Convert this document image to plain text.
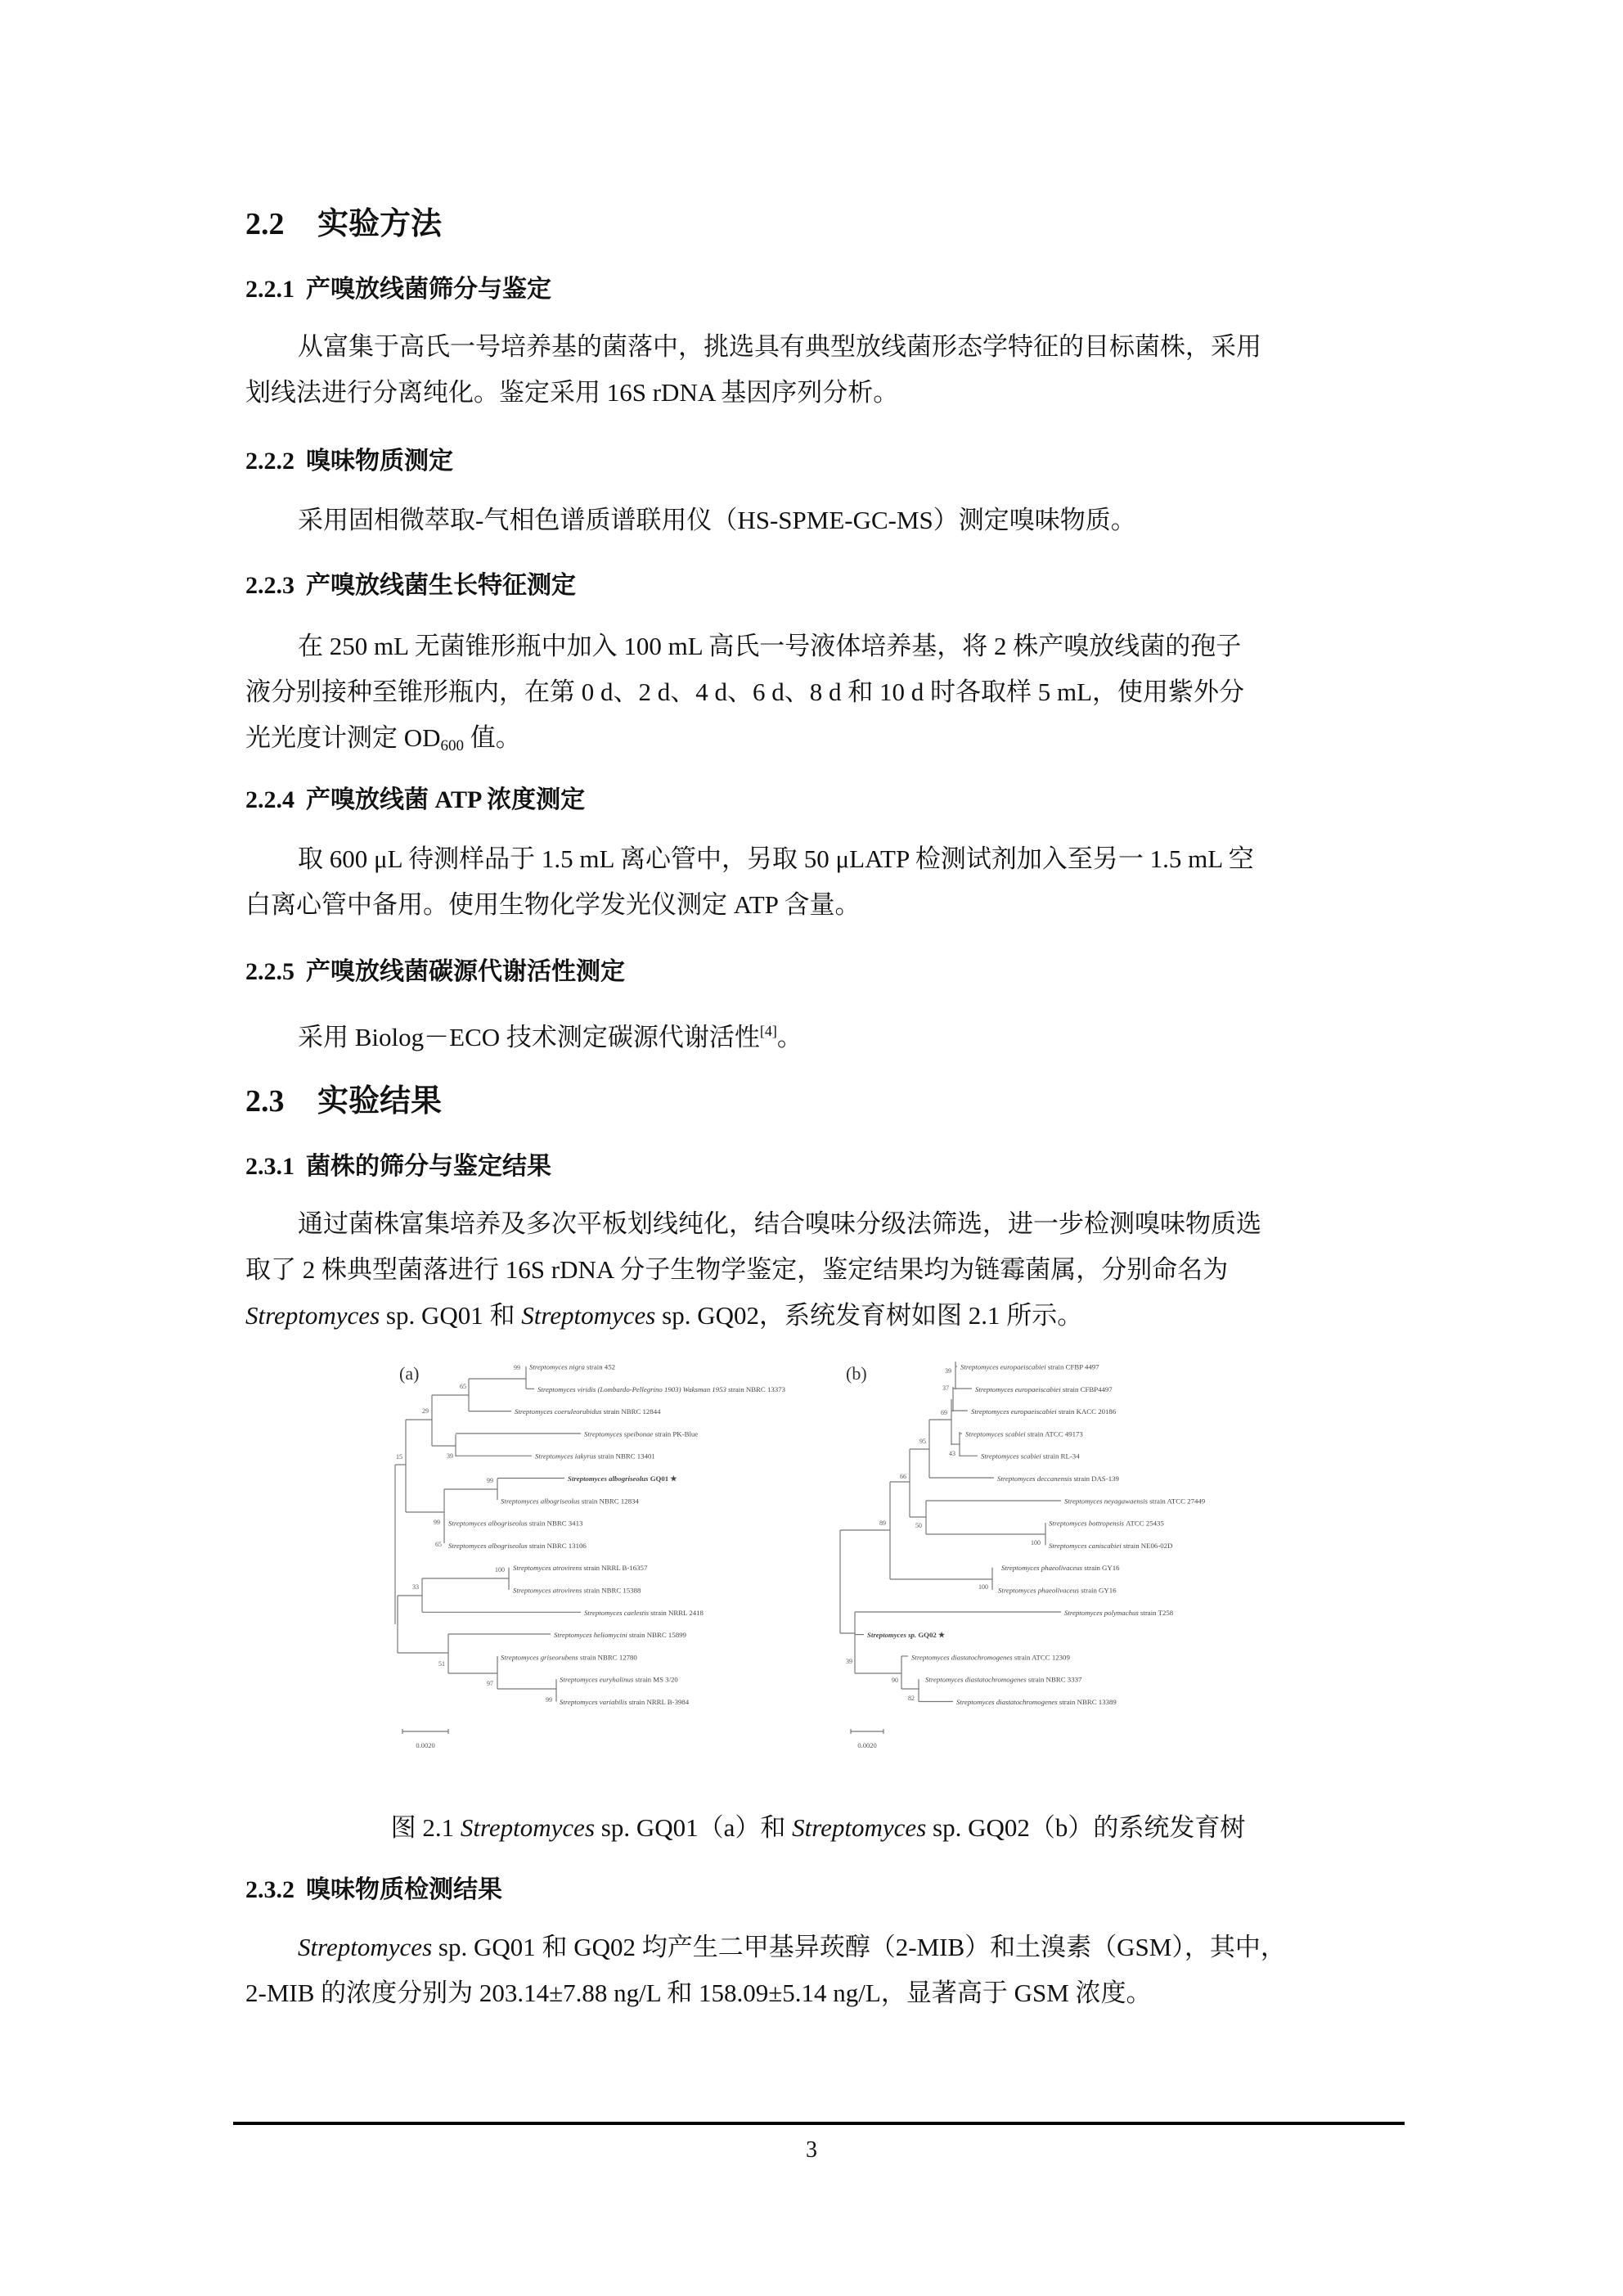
2.2 实验方法
2.2.1 产嗅放线菌筛分与鉴定
从富集于高氏一号培养基的菌落中，挑选具有典型放线菌形态学特征的目标菌株，采用
划线法进行分离纯化。鉴定采用 16S rDNA 基因序列分析。
2.2.2 嗅味物质测定
采用固相微萃取-气相色谱质谱联用仪（HS-SPME-GC-MS）测定嗅味物质。
2.2.3 产嗅放线菌生长特征测定
在 250 mL 无菌锥形瓶中加入 100 mL 高氏一号液体培养基，将 2 株产嗅放线菌的孢子
液分别接种至锥形瓶内，在第 0 d、2 d、4 d、6 d、8 d 和 10 d 时各取样 5 mL，使用紫外分
光光度计测定 $OD_{600}$ 值。
2.2.4 产嗅放线菌 ATP 浓度测定
取 600 μL 待测样品于 1.5 mL 离心管中，另取 50 μLATP 检测试剂加入至另一 1.5 mL 空
白离心管中备用。使用生物化学发光仪测定 ATP 含量。
2.2.5 产嗅放线菌碳源代谢活性测定
采用 Biolog－ECO 技术测定碳源代谢活性[4]。
2.3 实验结果
2.3.1 菌株的筛分与鉴定结果
通过菌株富集培养及多次平板划线纯化，结合嗅味分级法筛选，进一步检测嗅味物质选
取了 2 株典型菌落进行 16S rDNA 分子生物学鉴定，鉴定结果均为链霉菌属，分别命名为
Streptomyces sp. GQ01 和 Streptomyces sp. GQ02，系统发育树如图 2.1 所示。
(a)	Streptomyces nigra strain 452
Streptomyces viridis (Lombardo-Pellegrino 1903) Waksman 1953 strain NBRC 13373
Streptomyces coeruleorubidus strain NBRC 12844
Streptomyces speibonae strain PK-Blue
Streptomyces iakyrus strain NBRC 13401
Streptomyces albogriseolus GQ01 ★
Streptomyces albogriseolus strain NBRC 12834
Streptomyces albogriseolus strain NBRC 3413
Streptomyces albogriseolus strain NBRC 13106
Streptomyces atrovirens strain NRRL B-16357
Streptomyces atrovirens strain NBRC 15388
Streptomyces caelestis strain NRRL 2418
Streptomyces heliomycini strain NBRC 15899
Streptomyces griseorubens strain NBRC 12780
Streptomyces euryhalinus strain MS 3/20
Streptomyces variabilis strain NRRL B-3984
99
65
29
39
15
99
99
65
100
33
51
97
99
0.0020
(b)	Streptomyces europaeiscabiei strain CFBP 4497
Streptomyces europaeiscabiei strain CFBP4497
Streptomyces europaeiscabiei strain KACC 20186
Streptomyces scabiei strain ATCC 49173
Streptomyces scabiei strain RL-34
Streptomyces deccanensis strain DAS-139
Streptomyces neyagawaensis strain ATCC 27449
Streptomyces bottropensis ATCC 25435
Streptomyces caniscabiei strain NE06-02D
Streptomyces phaeolivaceus strain GY16
Streptomyces phaeolivaceus strain GY16
Streptomyces polymachus strain T258
Streptomyces sp. GQ02 ★
Streptomyces diastatochromogenes strain ATCC 12309
Streptomyces diastatochromogenes strain NBRC 3337
Streptomyces diastatochromogenes strain NBRC 13389
39
37
69
43
95
66
50
100
89
100
39
90
82
0.0020
图 2.1 Streptomyces sp. GQ01（a）和 Streptomyces sp. GQ02（b）的系统发育树
2.3.2 嗅味物质检测结果
Streptomyces sp. GQ01 和 GQ02 均产生二甲基异莰醇（2-MIB）和土溴素（GSM），其中，
2-MIB 的浓度分别为 203.14±7.88 ng/L 和 158.09±5.14 ng/L，显著高于 GSM 浓度。
3
